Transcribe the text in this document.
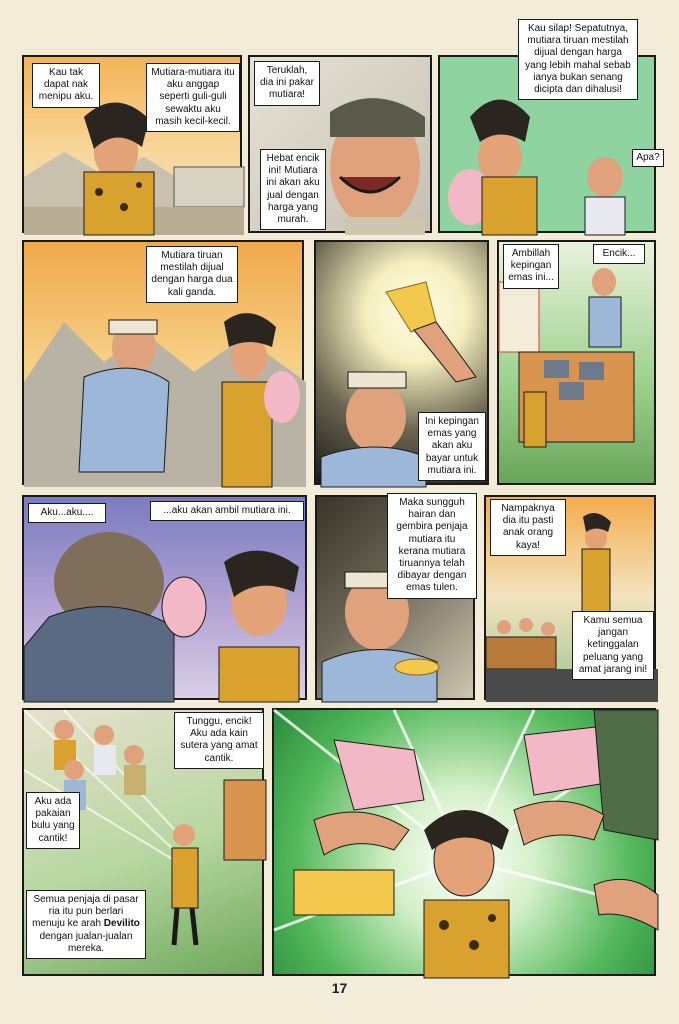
Kau tak dapat nak menipu aku.
Mutiara-mutiara itu aku anggap seperti guli-guli sewaktu aku masih kecil-kecil.
Teruklah, dia ini pakar mutiara!
Hebat encik ini! Mutiara ini akan aku jual dengan harga yang murah.
Kau silap! Sepatutnya, mutiara tiruan mestilah dijual dengan harga yang lebih mahal sebab ianya bukan senang dicipta dan dihalusi!
Apa?
Mutiara tiruan mestilah dijual dengan harga dua kali ganda.
Ini kepingan emas yang akan aku bayar untuk mutiara ini.
Ambillah kepingan emas ini...
Encik...
Aku...aku....	...aku akan ambil mutiara ini.
Maka sungguh hairan dan gembira penjaja mutiara itu kerana mutiara tiruannya telah dibayar dengan emas tulen.
Nampaknya dia itu pasti anak orang kaya!
Kamu semua jangan ketinggalan peluang yang amat jarang ini!
Tunggu, encik! Aku ada kain sutera yang amat cantik.
Aku ada pakaian bulu yang cantik!
Semua penjaja di pasar ria itu pun berlari menuju ke arah Devilito dengan jualan-jualan mereka.
17
